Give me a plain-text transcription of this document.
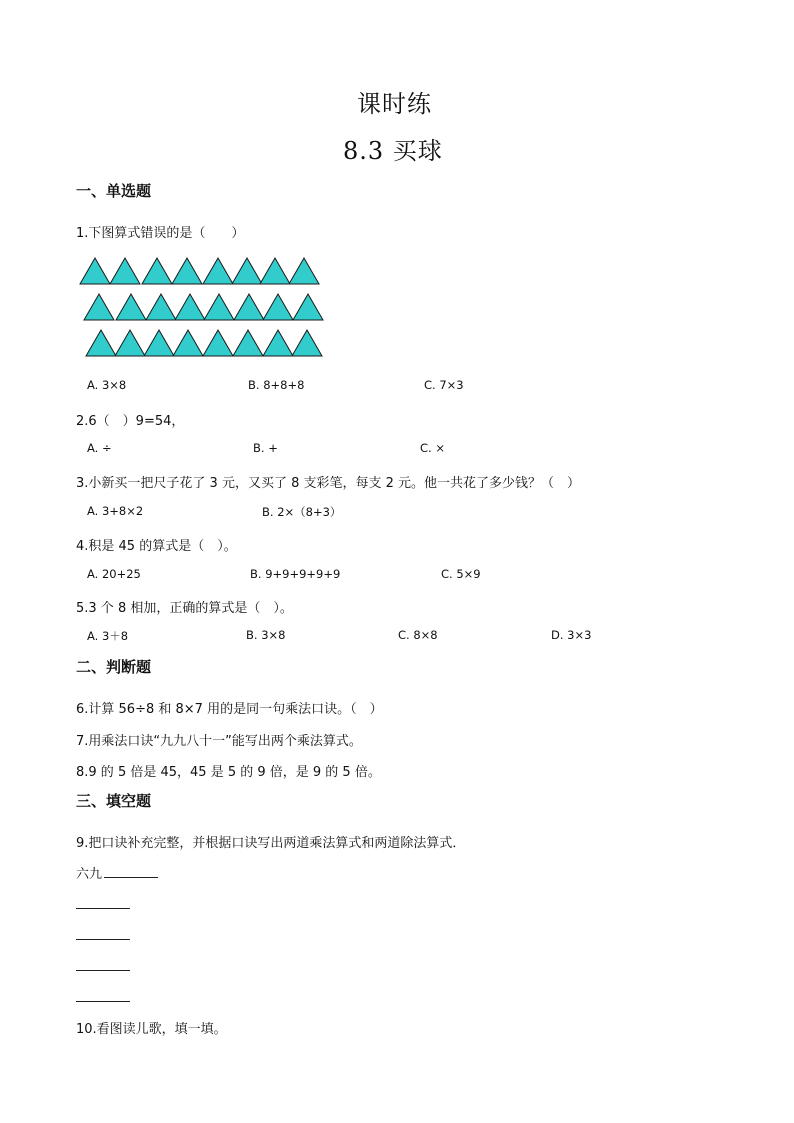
课时练
8.3 买球
一、单选题
1.下图算式错误的是（　　）
A. 3×8	B. 8+8+8	C. 7×3
2.6（　）9=54，
A. ÷	B. +	C. ×
3.小新买一把尺子花了 3 元，又买了 8 支彩笔，每支 2 元。他一共花了多少钱？（　）
A. 3+8×2	B. 2×（8+3）
4.积是 45 的算式是（　）。
A. 20+25	B. 9+9+9+9+9	C. 5×9
5.3 个 8 相加，正确的算式是（　）。
A. 3＋8	B. 3×8	C. 8×8	D. 3×3
二、判断题
6.计算 56÷8 和 8×7 用的是同一句乘法口诀。（　）
7.用乘法口诀“九九八十一”能写出两个乘法算式。
8.9 的 5 倍是 45，45 是 5 的 9 倍，是 9 的 5 倍。
三、填空题
9.把口诀补充完整，并根据口诀写出两道乘法算式和两道除法算式．
六九
10.看图读儿歌，填一填。
